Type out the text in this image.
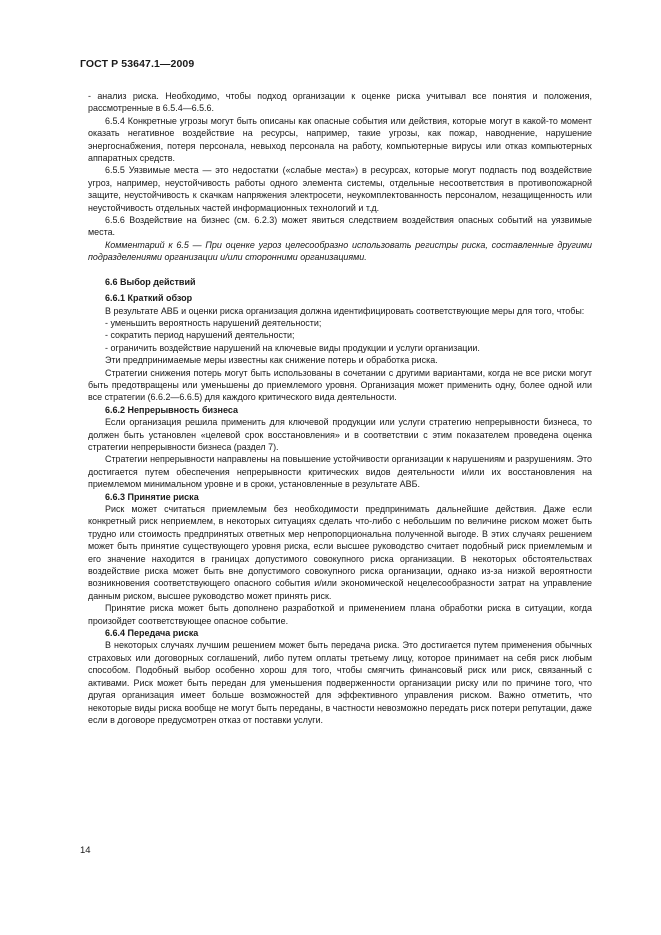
ГОСТ Р 53647.1—2009

- анализ риска. Необходимо, чтобы подход организации к оценке риска учитывал все понятия и положения, рассмотренные в 6.5.4—6.5.6.

6.5.4 Конкретные угрозы могут быть описаны как опасные события или действия, которые могут в какой-то момент оказать негативное воздействие на ресурсы, например, такие угрозы, как пожар, наводнение, нарушение энергоснабжения, потеря персонала, невыход персонала на работу, компьютерные вирусы или отказ компьютерных аппаратных средств.

6.5.5 Уязвимые места — это недостатки («слабые места») в ресурсах, которые могут подпасть под воздействие угроз, например, неустойчивость работы одного элемента системы, отдельные несоответствия в противопожарной защите, неустойчивость к скачкам напряжения электросети, неукомплектованность персоналом, незащищенность или неустойчивость отдельных частей информационных технологий и т.д.

6.5.6 Воздействие на бизнес (см. 6.2.3) может явиться следствием воздействия опасных событий на уязвимые места.

Комментарий к 6.5 — При оценке угроз целесообразно использовать регистры риска, составленные другими подразделениями организации и/или сторонними организациями.

6.6 Выбор действий
6.6.1 Краткий обзор

В результате АВБ и оценки риска организация должна идентифицировать соответствующие меры для того, чтобы:

- уменьшить вероятность нарушений деятельности;

- сократить период нарушений деятельности;

- ограничить воздействие нарушений на ключевые виды продукции и услуги организации.

Эти предпринимаемые меры известны как снижение потерь и обработка риска.

Стратегии снижения потерь могут быть использованы в сочетании с другими вариантами, когда не все риски могут быть предотвращены или уменьшены до приемлемого уровня. Организация может применить одну, более одной или все стратегии (6.6.2—6.6.5) для каждого критического вида деятельности.

6.6.2 Непрерывность бизнеса

Если организация решила применить для ключевой продукции или услуги стратегию непрерывности бизнеса, то должен быть установлен «целевой срок восстановления» и в соответствии с этим показателем проведена оценка стратегии непрерывности бизнеса (раздел 7).

Стратегии непрерывности направлены на повышение устойчивости организации к нарушениям и разрушениям. Это достигается путем обеспечения непрерывности критических видов деятельности и/или их восстановления на приемлемом минимальном уровне и в сроки, установленные в результате АВБ.

6.6.3 Принятие риска

Риск может считаться приемлемым без необходимости предпринимать дальнейшие действия. Даже если конкретный риск неприемлем, в некоторых ситуациях сделать что-либо с небольшим по величине риском может быть трудно или стоимость предпринятых ответных мер непропорциональна полученной выгоде. В этих случаях решением может быть принятие существующего уровня риска, если высшее руководство считает подобный риск приемлемым и его значение находится в границах допустимого совокупного риска организации. В некоторых обстоятельствах воздействие риска может быть вне допустимого совокупного риска организации, однако из-за низкой вероятности возникновения соответствующего опасного события и/или экономической нецелесообразности затрат на управление данным риском, высшее руководство может принять риск.

Принятие риска может быть дополнено разработкой и применением плана обработки риска в ситуации, когда произойдет соответствующее опасное событие.

6.6.4 Передача риска

В некоторых случаях лучшим решением может быть передача риска. Это достигается путем применения обычных страховых или договорных соглашений, либо путем оплаты третьему лицу, которое принимает на себя риск любым способом. Подобный выбор особенно хорош для того, чтобы смягчить финансовый риск или риск, связанный с активами. Риск может быть передан для уменьшения подверженности организации риску или по причине того, что другая организация имеет больше возможностей для эффективного управления риском. Важно отметить, что некоторые виды риска вообще не могут быть переданы, в частности невозможно передать риск потери репутации, даже если в договоре предусмотрен отказ от поставки услуги.

14
